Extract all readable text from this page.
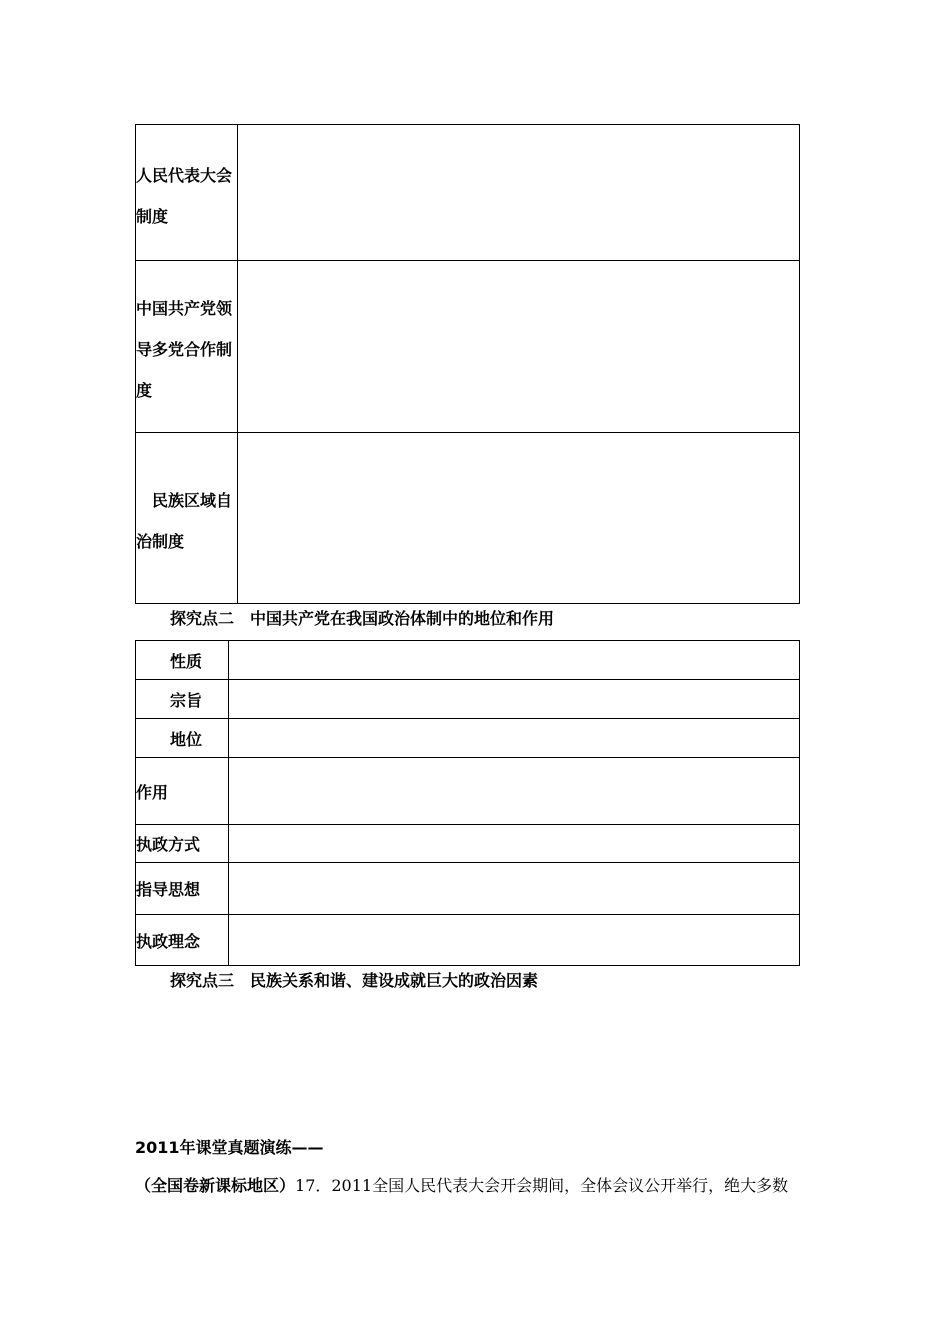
人民代表大会制度	

中国共产党领导多党合作制度	

　民族区域自治制度	

探究点二 中国共产党在我国政治体制中的地位和作用
性质	
宗旨	
地位	
作用	
执政方式	
指导思想	
执政理念	
探究点三 民族关系和谐、建设成就巨大的政治因素
2011年课堂真题演练——
（全国卷新课标地区）17．2011全国人民代表大会开会期间，全体会议公开举行，绝大多数
